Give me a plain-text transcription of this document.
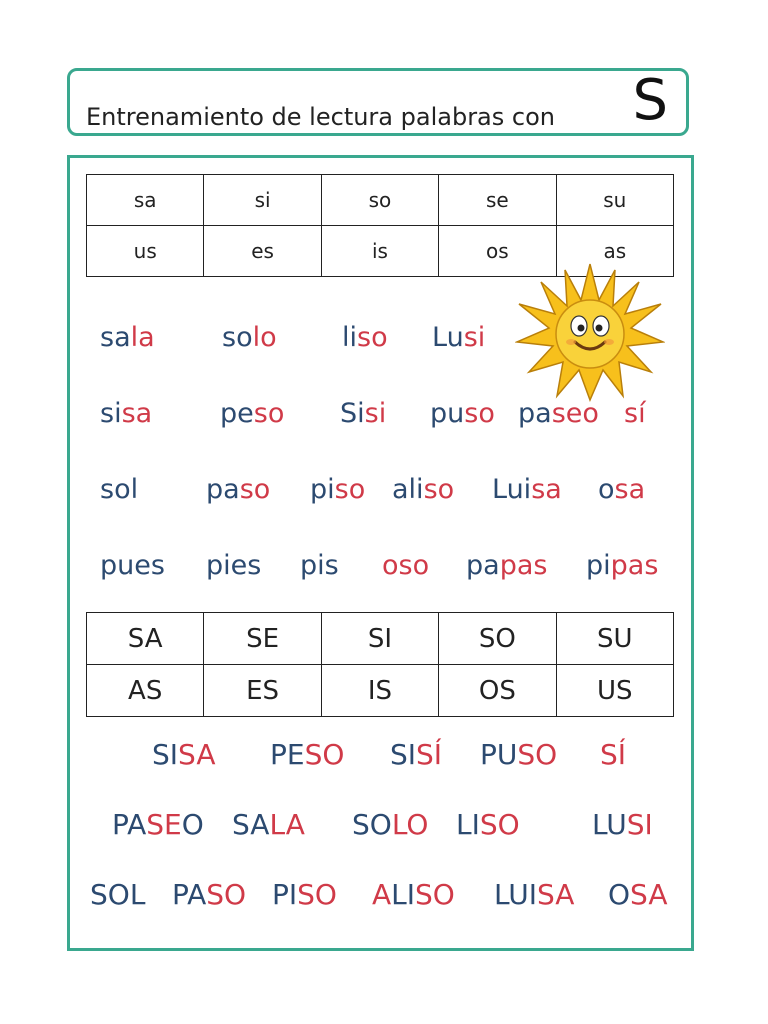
Entrenamiento de lectura palabras con S
sa	si	so	se	su
us	es	is	os	as
sala solo liso Lusi
sisa	peso Sisi puso paseo sí
sol	paso piso aliso Luisa osa
pues pies pis oso papas pipas
SA	SE	SI	SO	SU
AS	ES	IS	OS	US
SISA PESO SISÍ PUSO SÍ
PASEO SALA SOLO LISO	LUSI
SOL PASO PISO ALISO LUISA OSA
